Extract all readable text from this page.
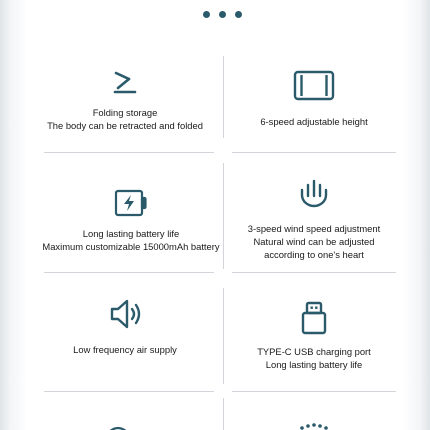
Folding storage
The body can be retracted and folded	6-speed adjustable height
Long lasting battery life
Maximum customizable 15000mAh battery
3-speed wind speed adjustment
Natural wind can be adjusted
according to one's heart
Low frequency air supply	TYPE-C USB charging port
Long lasting battery life
